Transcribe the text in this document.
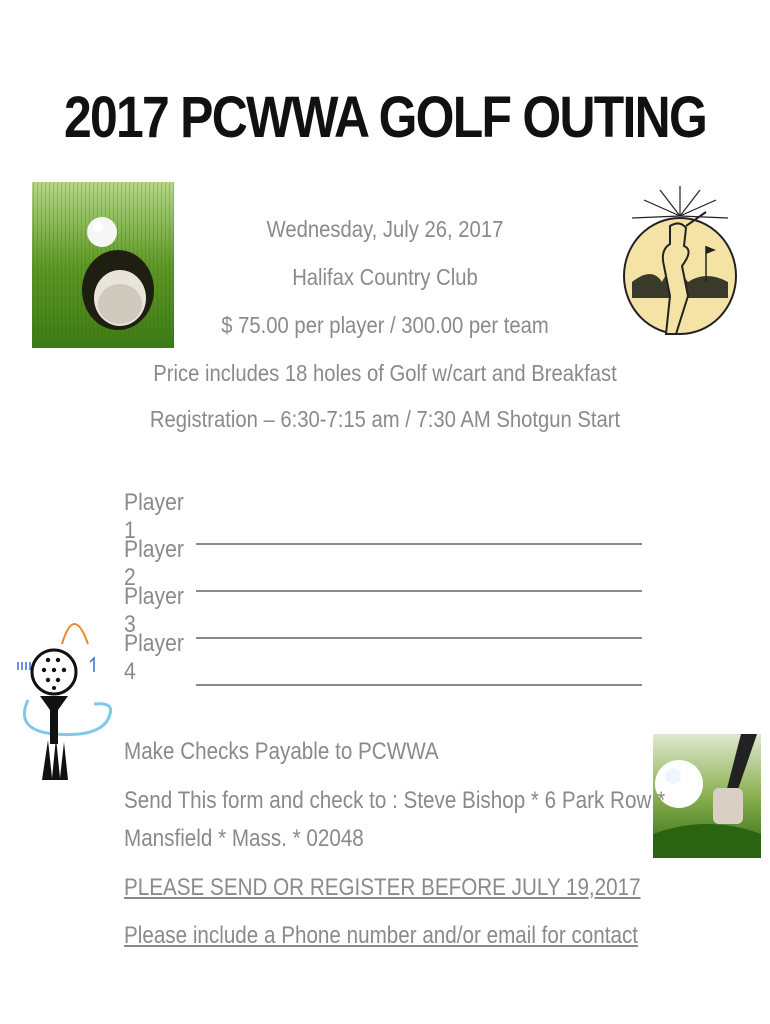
2017 PCWWA GOLF OUTING
Wednesday, July 26, 2017
Halifax Country Club
$ 75.00 per player / 300.00 per team
Price includes 18 holes of Golf w/cart and Breakfast
Registration – 6:30-7:15 am / 7:30 AM Shotgun Start
Player 1
Player 2
Player 3
Player 4
Make Checks Payable to PCWWA
Send This form and check to : Steve Bishop * 6 Park Row *
Mansfield * Mass. * 02048
PLEASE SEND OR REGISTER BEFORE JULY 19,2017
Please include a Phone number and/or email for contact
